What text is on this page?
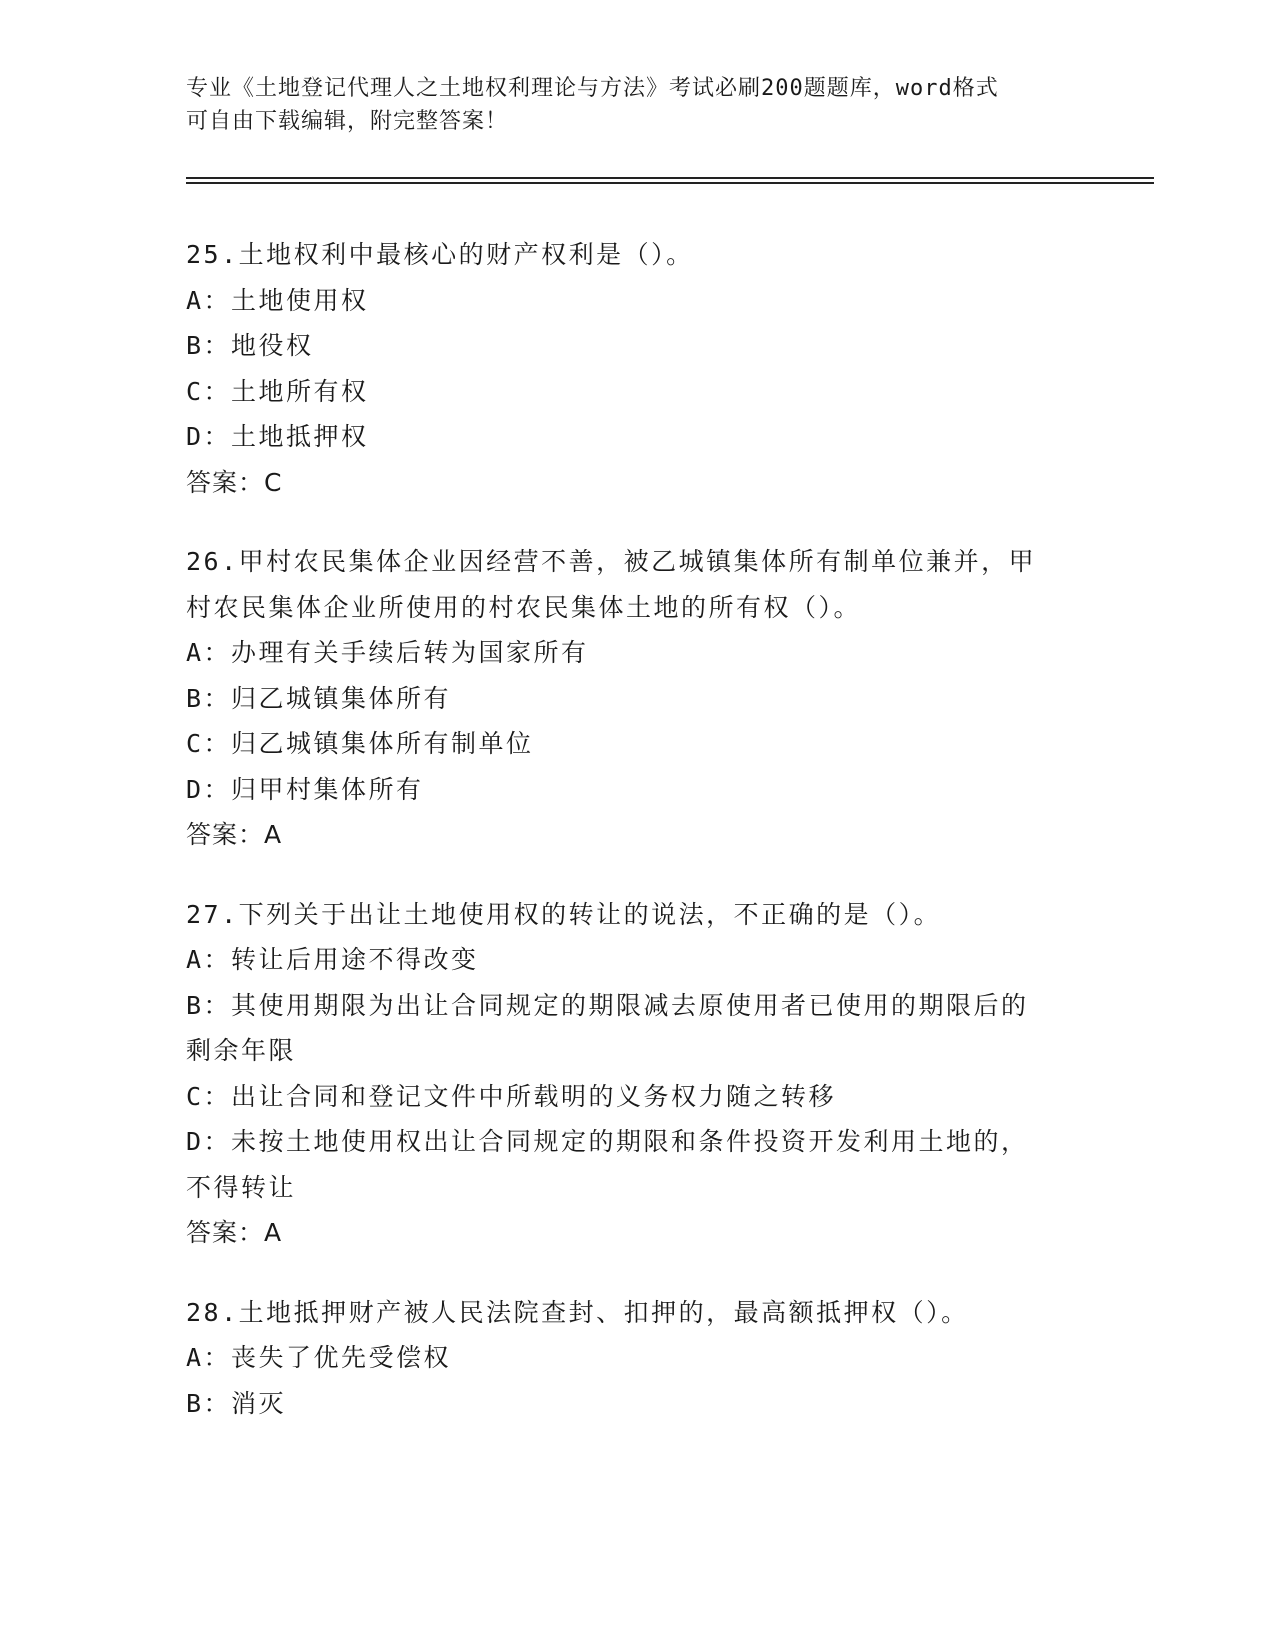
专业《土地登记代理人之土地权利理论与方法》考试必刷200题题库，word格式
可自由下载编辑，附完整答案！
25.土地权利中最核心的财产权利是（）。
A：土地使用权
B：地役权
C：土地所有权
D：土地抵押权
答案：C
26.甲村农民集体企业因经营不善，被乙城镇集体所有制单位兼并，甲
村农民集体企业所使用的村农民集体土地的所有权（）。
A：办理有关手续后转为国家所有
B：归乙城镇集体所有
C：归乙城镇集体所有制单位
D：归甲村集体所有
答案：A
27.下列关于出让土地使用权的转让的说法，不正确的是（）。
A：转让后用途不得改变
B：其使用期限为出让合同规定的期限减去原使用者已使用的期限后的
剩余年限
C：出让合同和登记文件中所载明的义务权力随之转移
D：未按土地使用权出让合同规定的期限和条件投资开发利用土地的，
不得转让
答案：A
28.土地抵押财产被人民法院查封、扣押的，最高额抵押权（）。
A：丧失了优先受偿权
B：消灭
